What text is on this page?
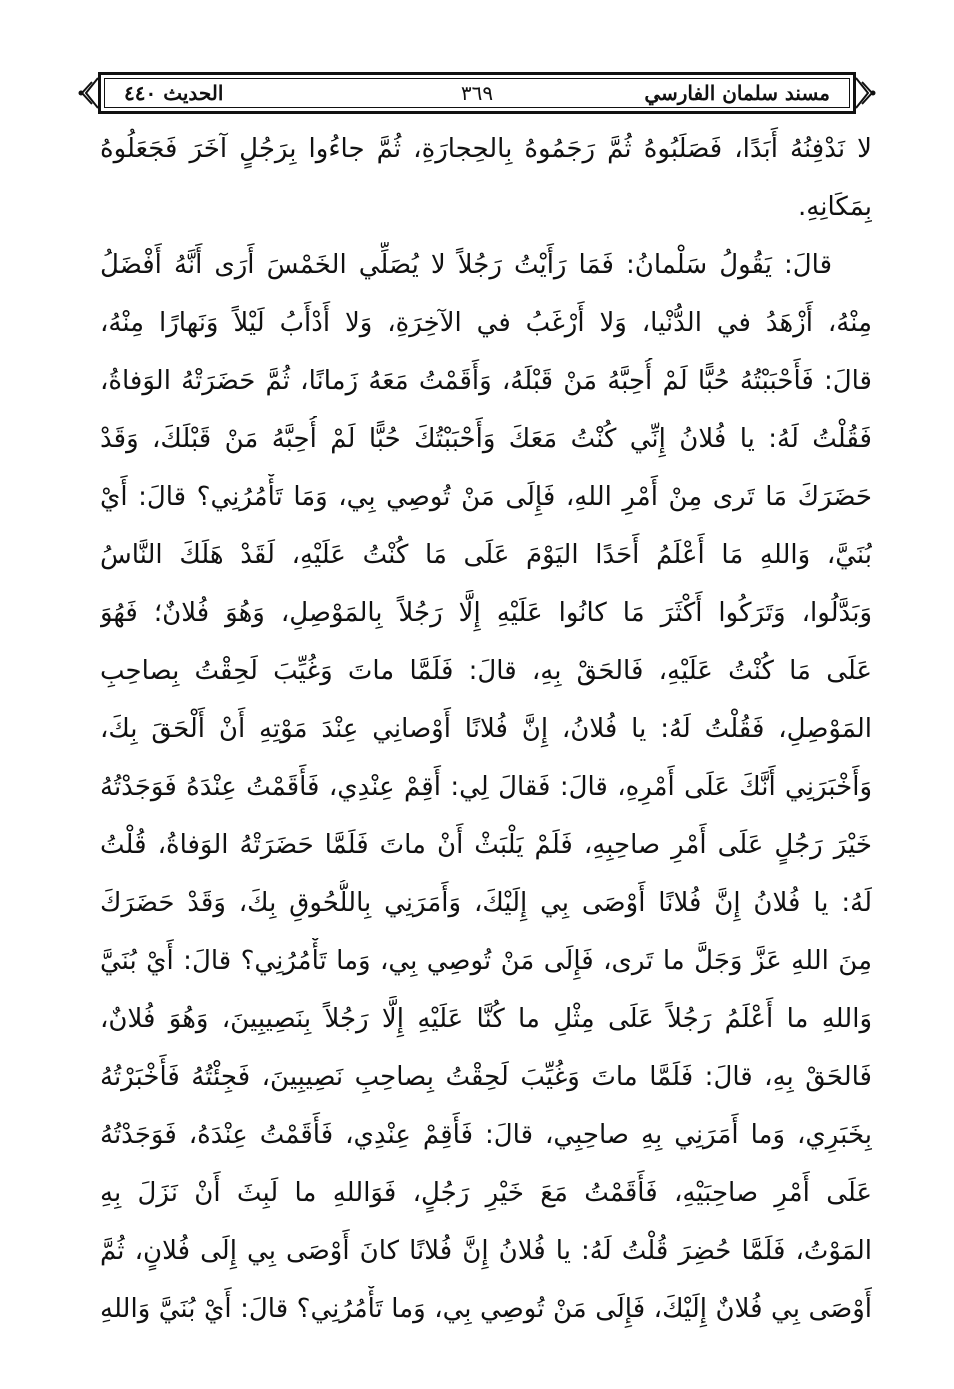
مسند سلمان الفارسي
٣٦٩
الحديث ٤٤٠
لا نَدْفِنُهُ أَبَدًا، فَصَلَبُوهُ ثُمَّ رَجَمُوهُ بِالحِجارَةِ، ثُمَّ جاءُوا بِرَجُلٍ آخَرَ فَجَعَلُوهُ
بِمَكَانِهِ.
قالَ: يَقُولُ سَلْمانُ: فَمَا رَأَيْتُ رَجُلاً لا يُصَلِّي الخَمْسَ أَرَى أَنَّهُ أَفْضَلُ
مِنْهُ، أَزْهَدُ في الدُّنْيا، وَلا أَرْغَبُ في الآخِرَةِ، وَلا أَدْأَبُ لَيْلاً وَنَهارًا مِنْهُ،
قالَ: فَأَحْبَبْتُهُ حُبًّا لَمْ أُحِبَّهُ مَنْ قَبْلَهُ، وَأَقَمْتُ مَعَهُ زَمانًا، ثُمَّ حَضَرَتْهُ الوَفاةُ،
فَقُلْتُ لَهُ: يا فُلانُ إِنِّي كُنْتُ مَعَكَ وَأَحْبَبْتُكَ حُبًّا لَمْ أُحِبَّهُ مَنْ قَبْلَكَ، وَقَدْ
حَضَرَكَ مَا تَرى مِنْ أَمْرِ اللهِ، فَإِلَى مَنْ تُوصِي بِي، وَمَا تَأْمُرُنِي؟ قالَ: أَيْ
بُنَيَّ، وَاللهِ مَا أَعْلَمُ أَحَدًا اليَوْمَ عَلَى مَا كُنْتُ عَلَيْهِ، لَقَدْ هَلَكَ النَّاسُ
وَبَدَّلُوا، وَتَرَكُوا أَكْثَرَ مَا كانُوا عَلَيْهِ إِلَّا رَجُلاً بِالمَوْصِلِ، وَهُوَ فُلانٌ؛ فَهُوَ
عَلَى مَا كُنْتُ عَلَيْهِ، فَالحَقْ بِهِ، قالَ: فَلَمَّا ماتَ وَغُيِّبَ لَحِقْتُ بِصاحِبِ
المَوْصِلِ، فَقُلْتُ لَهُ: يا فُلانُ، إِنَّ فُلانًا أَوْصانِي عِنْدَ مَوْتِهِ أَنْ أَلْحَقَ بِكَ،
وَأَخْبَرَنِي أَنَّكَ عَلَى أَمْرِهِ، قالَ: فَقالَ لِي: أَقِمْ عِنْدِي، فَأَقَمْتُ عِنْدَهُ فَوَجَدْتُهُ
خَيْرَ رَجُلٍ عَلَى أَمْرِ صاحِبِهِ، فَلَمْ يَلْبَثْ أَنْ ماتَ فَلَمَّا حَضَرَتْهُ الوَفاةُ، قُلْتُ
لَهُ: يا فُلانُ إِنَّ فُلانًا أَوْصَى بِي إِلَيْكَ، وَأَمَرَنِي بِاللُّحُوقِ بِكَ، وَقَدْ حَضَرَكَ
مِنَ اللهِ عَزَّ وَجَلَّ ما تَرى، فَإِلَى مَنْ تُوصِي بِي، وَما تَأْمُرُنِي؟ قالَ: أَيْ بُنَيَّ
وَاللهِ ما أَعْلَمُ رَجُلاً عَلَى مِثْلِ ما كُنَّا عَلَيْهِ إِلَّا رَجُلاً بِنَصِيبِينَ، وَهُوَ فُلانٌ،
فَالحَقْ بِهِ، قالَ: فَلَمَّا ماتَ وَغُيِّبَ لَحِقْتُ بِصاحِبِ نَصِيبِينَ، فَجِئْتُهُ فَأَخْبَرْتُهُ
بِخَبَرِي، وَما أَمَرَنِي بِهِ صاحِبِي، قالَ: فَأَقِمْ عِنْدِي، فَأَقَمْتُ عِنْدَهُ، فَوَجَدْتُهُ
عَلَى أَمْرِ صاحِبَيْهِ، فَأَقَمْتُ مَعَ خَيْرِ رَجُلٍ، فَوَاللهِ ما لَبِثَ أَنْ نَزَلَ بِهِ
المَوْتُ، فَلَمَّا حُضِرَ قُلْتُ لَهُ: يا فُلانُ إِنَّ فُلانًا كانَ أَوْصَى بِي إِلَى فُلانٍ، ثُمَّ
أَوْصَى بِي فُلانٌ إِلَيْكَ، فَإِلَى مَنْ تُوصِي بِي، وَما تَأْمُرُنِي؟ قالَ: أَيْ بُنَيَّ وَاللهِ
